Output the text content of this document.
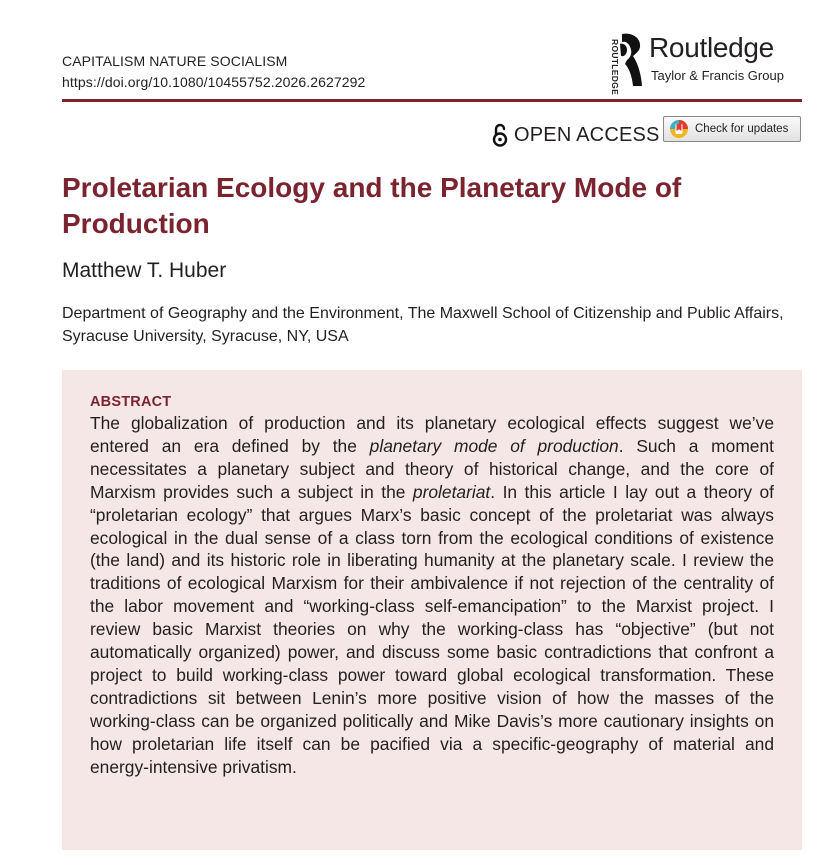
CAPITALISM NATURE SOCIALISM
https://doi.org/10.1080/10455752.2026.2627292	ROUTLEDGE Routledge
Taylor & Francis Group
OPEN ACCESS	Check for updates
Proletarian Ecology and the Planetary Mode of
Production
Matthew T. Huber
Department of Geography and the Environment, The Maxwell School of Citizenship and Public Affairs, Syracuse University, Syracuse, NY, USA
ABSTRACT
The globalization of production and its planetary ecological effects suggest we’ve entered an era defined by the planetary mode of production. Such a moment necessitates a planetary subject and theory of historical change, and the core of Marxism provides such a subject in the proletariat. In this article I lay out a theory of “proletarian ecology” that argues Marx’s basic concept of the proletariat was always ecological in the dual sense of a class torn from the ecological conditions of existence (the land) and its historic role in liberating humanity at the planetary scale. I review the traditions of ecological Marxism for their ambivalence if not rejection of the centrality of the labor movement and “working-class self-emancipation” to the Marxist project. I review basic Marxist theories on why the working-class has “objective” (but not automatically organized) power, and discuss some basic contradictions that confront a project to build working-class power toward global ecological transformation. These contradictions sit between Lenin’s more positive vision of how the masses of the working-class can be organized politically and Mike Davis’s more cautionary insights on how proletarian life itself can be pacified via a specific-geography of material and energy-intensive privatism.
